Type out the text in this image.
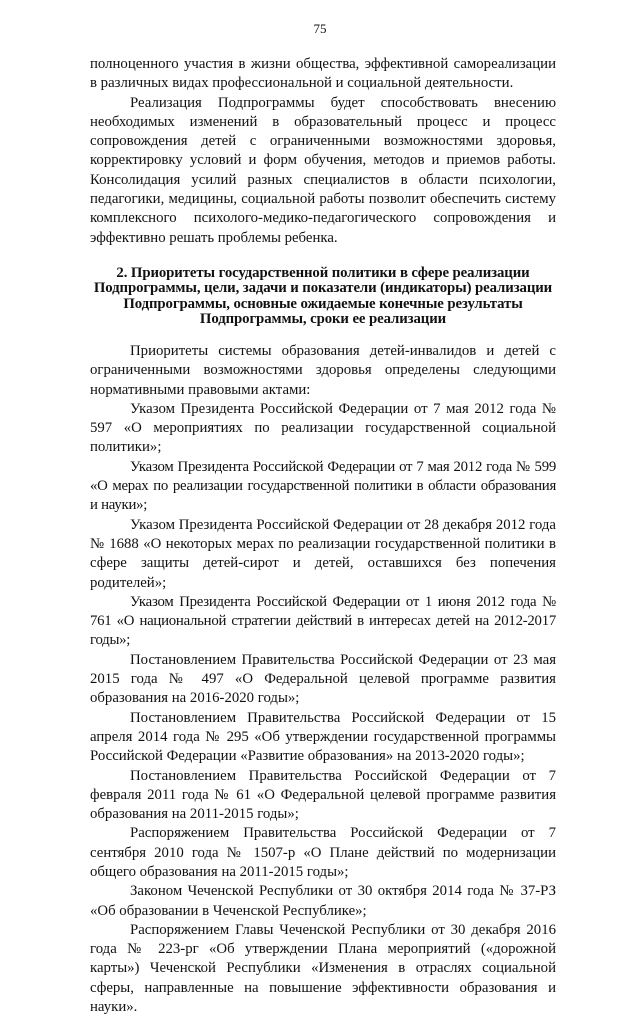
75

полноценного участия в жизни общества, эффективной самореализации в различных видах профессиональной и социальной деятельности.

Реализация Подпрограммы будет способствовать внесению необходимых изменений в образовательный процесс и процесс сопровождения детей с ограниченными возможностями здоровья, корректировку условий и форм обучения, методов и приемов работы. Консолидация усилий разных специалистов в области психологии, педагогики, медицины, социальной работы позволит обеспечить систему комплексного психолого-медико-педагогического сопровождения и эффективно решать проблемы ребенка.

2. Приоритеты государственной политики в сфере реализации Подпрограммы, цели, задачи и показатели (индикаторы) реализации Подпрограммы, основные ожидаемые конечные результаты Подпрограммы, сроки ее реализации

Приоритеты системы образования детей-инвалидов и детей с ограниченными возможностями здоровья определены следующими нормативными правовыми актами:

Указом Президента Российской Федерации от 7 мая 2012 года № 597 «О мероприятиях по реализации государственной социальной политики»;

Указом Президента Российской Федерации от 7 мая 2012 года № 599 «О мерах по реализации государственной политики в области образования и науки»;

Указом Президента Российской Федерации от 28 декабря 2012 года № 1688 «О некоторых мерах по реализации государственной политики в сфере защиты детей-сирот и детей, оставшихся без попечения родителей»;

Указом Президента Российской Федерации от 1 июня 2012 года № 761 «О национальной стратегии действий в интересах детей на 2012-2017 годы»;

Постановлением Правительства Российской Федерации от 23 мая 2015 года № 497 «О Федеральной целевой программе развития образования на 2016-2020 годы»;

Постановлением Правительства Российской Федерации от 15 апреля 2014 года № 295 «Об утверждении государственной программы Российской Федерации «Развитие образования» на 2013-2020 годы»;

Постановлением Правительства Российской Федерации от 7 февраля 2011 года № 61 «О Федеральной целевой программе развития образования на 2011-2015 годы»;

Распоряжением Правительства Российской Федерации от 7 сентября 2010 года № 1507-р «О Плане действий по модернизации общего образования на 2011-2015 годы»;

Законом Чеченской Республики от 30 октября 2014 года № 37-РЗ «Об образовании в Чеченской Республике»;

Распоряжением Главы Чеченской Республики от 30 декабря 2016 года № 223-рг «Об утверждении Плана мероприятий («дорожной карты») Чеченской Республики «Изменения в отраслях социальной сферы, направленные на повышение эффективности образования и науки».
